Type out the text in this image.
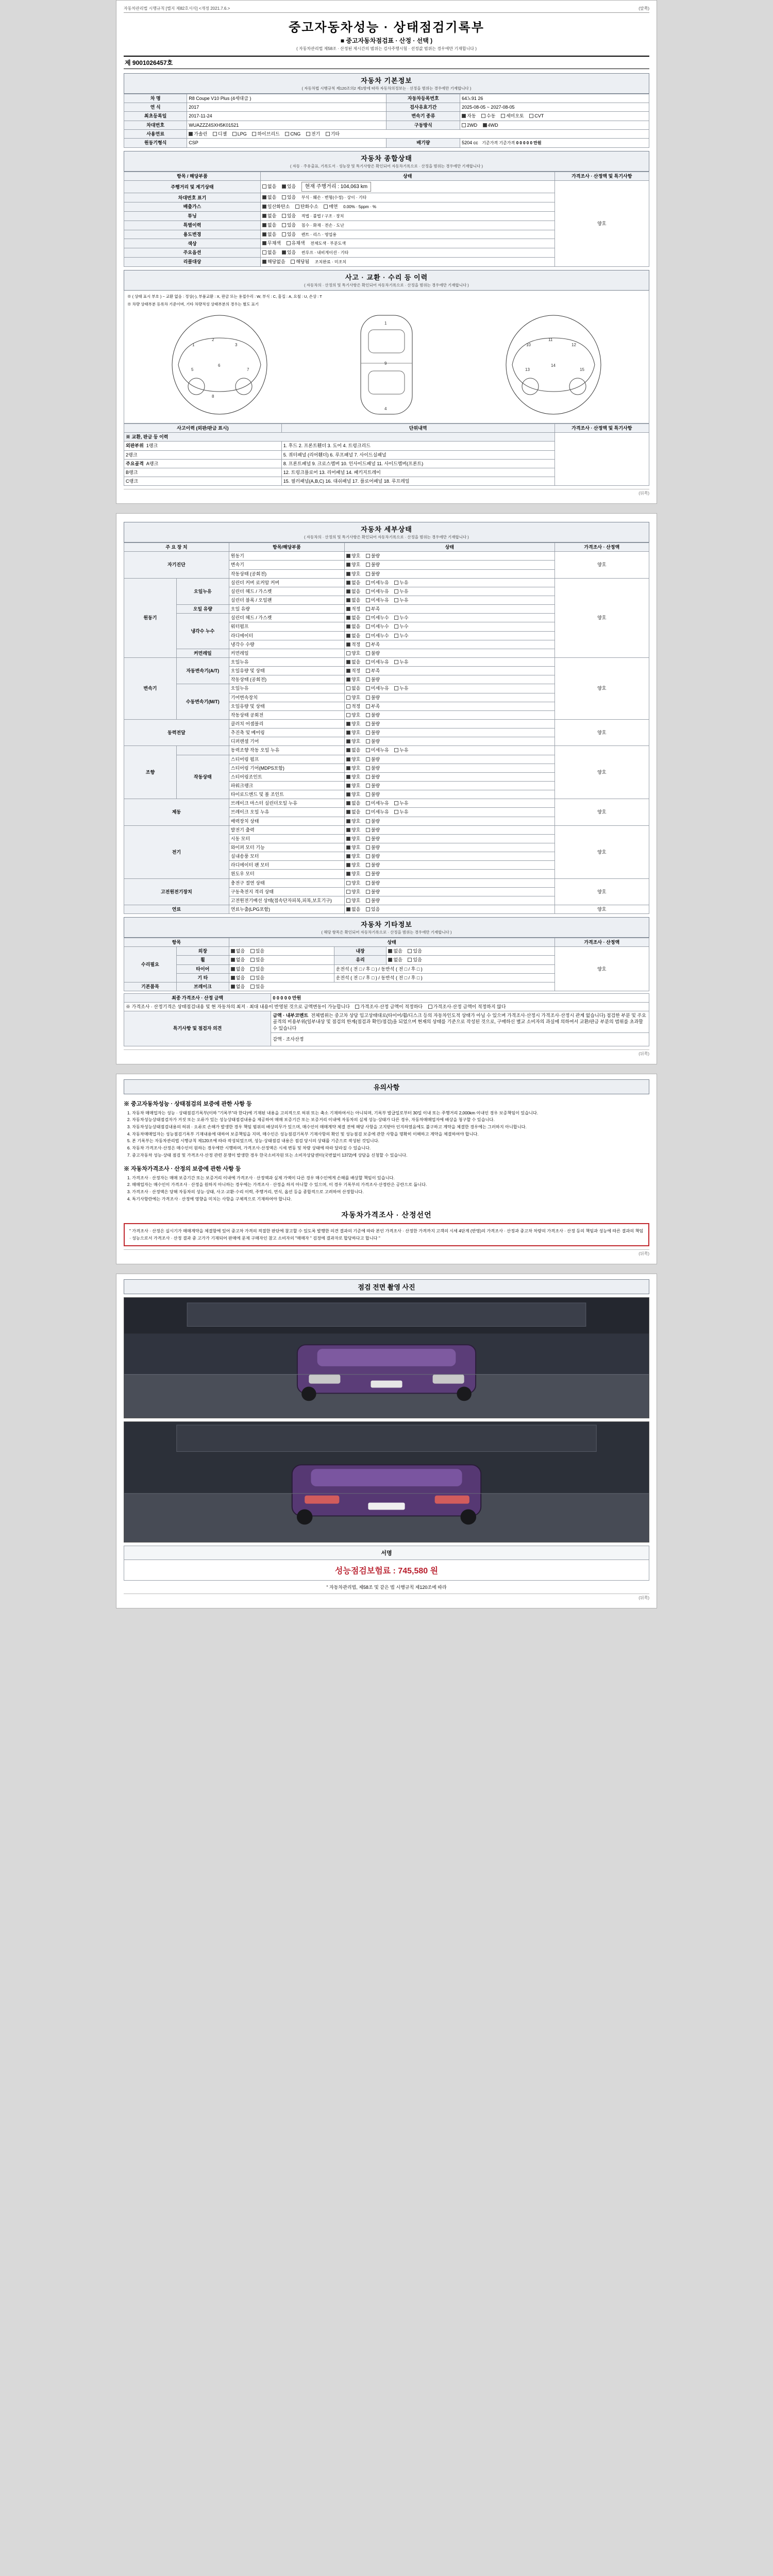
자동차관리법 시행규칙 [별지 제82호서식] <개정 2021.7.6.>	(앞쪽)
중고자동차성능 · 상태점검기록부
■ 중고자동차점검표 · 산정 · 선택 )
( 자동차관리법 제58조 · 산정된 제시간의 범위는 검사주행시험 · 선정값 범위는 경우에만 기재합니다 )
제 9001026457호
자동차 기본정보
( 자동차법 시행규칙 제120조의2 제1항에 따라 자동차의정보는 · 선정을 범위는 경우에만 기재합니다 )
차 명	R8 Coupe V10 Plus (4세대급 )	자동차등록번호	64노91 26
연 식	2017	검사유효기간	2025-08-05 ~ 2027-08-05
최초등록일	2017-11-24	변속기 종류	자동 수동 세미오토 CVT
차대번호	WUAZZZ4SXH5K01521	구동방식	2WD 4WD
사용연료	가솔린 디젤 LPG 하이브리드 CNG 전기 기타		
원동기형식	CSP	배기량	5204 cc 기준가격 기준가격 0 0 0 0 0 만원
자동차 종합상태
( 자동 · 주유출표, 기록도서 · 성능장 및 특기사항은 확인되어 자동차기록으로 · 산정을 범위는 경우에만 기재합니다 )
항목 / 해당부품	상태	가격조사 · 산정액 및 특기사항
주행거리 및 계기상태	없음 있음 현재 주행거리 : 104,063 km	양호
차대번호 표기	없음 있음 부식 · 훼손 · 변형(수정) · 상이 · 기타	
배출가스	일산화탄소 탄화수소 매연 0.00% · 5ppm · %	
튜닝	없음 있음 적법 · 불법 / 구조 · 장치	
특별이력	없음 있음 침수 · 화재 · 전손 · 도난	
용도변경	없음 있음 렌트 · 리스 · 영업용	
색상	무채색 유채색 전체도색 · 부분도색	
주요옵션	없음 있음 썬루프 · 내비게이션 · 기타	
리콜대상	해당없음 해당됨 조치완료 · 미조치	
사고 · 교환 · 수리 등 이력
( 자동차의 · 산정의 및 특기사항은 확인되어 자동차기록으로 · 산정을 범위는 경우에만 기재합니다 )
※ ( 상태 표시 부호 ) ~ 교환 없음 : 정상(-), 부품교환 : X, 판금 또는 용접수리 : W, 부식 : C, 흠집 : A, 요철 : U, 손상 : T
※ 차량 상태부분 등록차 기준이며, 기타 차량적성 상태부분의 경우는 별도 표기
1
2
3
5
6
7
8
1
9
4
10
11
12
13
14
15
사고이력 (외판/판금 표시)	단위내역	가격조사 · 산정액 및 특기사항
※ 교환, 판금 등 이력		
외판부위 1랭크	1. 후드 2. 프론트휀더 3. 도어 4. 트렁크리드	
2랭크	5. 쿼터패널 (리어휀더) 6. 루프패널 7. 사이드실패널	
주요골격 A랭크	8. 프론트패널 9. 크로스멤버 10. 인사이드패널 11. 사이드멤버(프론트)	
B랭크	12. 트렁크플로어 13. 리어패널 14. 패키지트레이	
C랭크	15. 필러패널(A,B,C) 16. 대쉬패널 17. 플로어패널 18. 루프레일	
(뒤쪽)
자동차 세부상태
( 자동차의 · 산정의 및 특기사항은 확인되어 자동차기록으로 · 산정을 범위는 경우에만 기재합니다 )
주 요 장 치		항목/해당부품	상태	가격조사 · 산정액
자기진단		원동기	양호 불량	양호
		변속기	양호 불량	
		작동상태 (공회전)	양호 불량	
원동기	오일누유	실린더 커버 로커암 커버	없음 미세누유 누유	양호
		실린더 헤드 / 가스켓	없음 미세누유 누유	
		실린더 블록 / 오일팬	없음 미세누유 누유	
	오일 유량	오일 유량	적정 부족	
	냉각수 누수	실린더 헤드 / 가스켓	없음 미세누수 누수	
		워터펌프	없음 미세누수 누수	
		라디에이터	없음 미세누수 누수	
		냉각수 수량	적정 부족	
	커먼레일	커먼레일	양호 불량	
변속기	자동변속기(A/T)	오일누유	없음 미세누유 누유	양호
		오일유량 및 상태	적정 부족	
		작동상태 (공회전)	양호 불량	
	수동변속기(M/T)	오일누유	없음 미세누유 누유	
		기어변속장치	양호 불량	
		오일유량 및 상태	적정 부족	
		작동상태 공회전	양호 불량	
동력전달		클러치 어셈블리	양호 불량	양호
		추진축 및 베어링	양호 불량	
		디퍼렌셜 기어	양호 불량	
조향		동력조향 작동 오일 누유	없음 미세누유 누유	양호
	작동상태	스티어링 펌프	양호 불량	
		스티어링 기어(MDPS포함)	양호 불량	
		스티어링조인트	양호 불량	
		파워크랭크	양호 불량	
		타이로드엔드 및 볼 조인트	양호 불량	
제동		브레이크 마스터 실린더오일 누유	없음 미세누유 누유	양호
		브레이크 오일 누유	없음 미세누유 누유	
		배력장치 상태	양호 불량	
전기		발전기 출력	양호 불량	양호
		시동 모터	양호 불량	
		와이퍼 모터 기능	양호 불량	
		실내송풍 모터	양호 불량	
		라디에이터 팬 모터	양호 불량	
		윈도우 모터	양호 불량	
고전원전기장치		충전구 절연 상태	양호 불량	양호
		구동축전지 격리 상태	양호 불량	
		고전원전기배선 상태(접속단자피복,피복,보호기구)	양호 불량	
연료		연료누출(LPG포함)	없음 있음	양호
자동차 기타정보
( 해당 항목은 확인되어 자동차기록으로 · 산정을 범위는 경우에만 기재합니다 )
항목		상태			가격조사 · 산정액
수리필요	외장	없음 있음	내장	없음 있음	양호
	휠	없음 있음	유리	없음 있음	
	타이어	없음 있음	운전석 ( 전 □ / 후 □ ) / 동반석 ( 전 □ / 후 □ )		
	기 타	없음 있음	운전석 ( 전 □ / 후 □ ) / 동반석 ( 전 □ / 후 □ )		
기본품목	브레이크	없음 있음			
최종 가격조사 · 산정 금액	0 0 0 0 0 만원
※ 가격조사 · 산정기격은 상태점검내용 및 현 자동차의 최저 · 최대 내용이 반영된 것으로 금액변동이 가능합니다 가격조사·산정 금액이 적정하다 가격조사·산정 금액이 적정하지 않다	
특기사항 및 점검자 의견	금액 · 내부코멘트 전체범위는 중고차 상담 입고상태대로(타이어/휠/디스크 등의 자동차인도적 상태가 아닐 수 있으며 가격조사·산정시 가격조사·산정시 관계 없습니다) 점검한 부분 및 주요골격의 비용부위(일부내상 및 점검의 한계(점검과 확인/점검)을 되었으며 현재의 상태를 기준으로 작성된 것으로, 구매하신 별교 소비자의 과실에 의하여서 교환/판금 부분의 범위를 초과할 수 있습니다
	감액 · 조사산정
(뒤쪽)
유의사항
※ 중고자동차성능 · 상태점검의 보증에 관한 사항 등
1. 자동차 매매업자는 성능 · 상태점검기록부(이하 "기록부"라 한다)에 기재된 내용을 고의적으로 허위 또는 축소 기재하여서는 아니되며, 기록부 발급일로부터 30일 이내 또는 주행거리 2,000km 이내인 경우 보증책임이 있습니다.
2. 자동차성능상태점검자가 거짓 또는 오류가 있는 성능상태점검내용을 제공하여 매매 보증기간 또는 보증거리 이내에 자동차의 실제 성능·상태가 다른 경우, 자동차매매업자에 배상을 청구할 수 있습니다.
3. 자동차성능상태점검내용의 허위 · 오류로 손해가 발생한 경우 책임 범위의 배상의무가 있으며, 매수인이 매매계약 체결 전에 해당 사항을 고지받아 인지하였음에도 불구하고 계약을 체결한 경우에는 그러하지 아니합니다.
4. 자동차매매업자는 성능점검기록부 기재내용에 대하여 보증책임을 지며, 매수인은 성능점검기록부 기재사항의 확인 및 성능점검 보증에 관한 사항을 명확히 이해하고 계약을 체결하여야 합니다.
5. 본 기록부는 자동차관리법 시행규칙 제120조에 따라 작성되었으며, 성능·상태점검 내용은 점검 당시의 상태를 기준으로 작성된 것입니다.
6. 자동차 가격조사·산정은 매수인이 원하는 경우에만 시행하며, 가격조사·산정액은 시세 변동 및 차량 상태에 따라 달라질 수 있습니다.
7. 중고자동차 성능·상태 점검 및 가격조사·산정 관련 분쟁이 발생한 경우 한국소비자원 또는 소비자상담센터(국번없이 1372)에 상담을 신청할 수 있습니다.
※ 자동차가격조사 · 산정의 보증에 관한 사항 등
1. 가격조사 · 산정자는 매매 보증기간 또는 보증거리 이내에 가격조사 · 산정액과 실제 가액이 다른 경우 매수인에게 손해를 배상할 책임이 있습니다.
2. 매매업자는 매수인이 가격조사 · 산정을 원하지 아니하는 경우에는 가격조사 · 산정을 하지 아니할 수 있으며, 이 경우 기록부의 가격조사·산정란은 공란으로 둡니다.
3. 가격조사 · 산정액은 당해 자동차의 성능·상태, 사고·교환·수리 이력, 주행거리, 연식, 옵션 등을 종합적으로 고려하여 산정합니다.
4. 특기사항란에는 가격조사 · 산정에 영향을 미치는 사항을 구체적으로 기재하여야 합니다.
자동차가격조사 · 산정선언
" 가격조사 · 산정은 실시기가 매매계약을 체결함에 있어 중고차 가격의 적절한 판단에 참고할 수 있도록 발행한 의견 결과의 기준에 따라 본인 가격조사 · 산정한 가격까지 고객의 시세 4단계 (반영)의 가격조사 · 산정과 중고차 차량의 가격조사 · 산정 등의 책임과 성능에 따른 결과의 책임 · 성능으로서 가격조사 · 산정 결과 중 고가가 기재되어 판매에 문제 구매자인 참고 소비자의 "매매자 " 검정에 결과자로 합당하다고 합니다 "
(뒤쪽)
점검 전면 촬영 사진
서명
성능점검보험료 : 745,580 원
" 자동차관리법, 제58조 및 같은 법 시행규칙 제120조에 따라
(뒤쪽)
